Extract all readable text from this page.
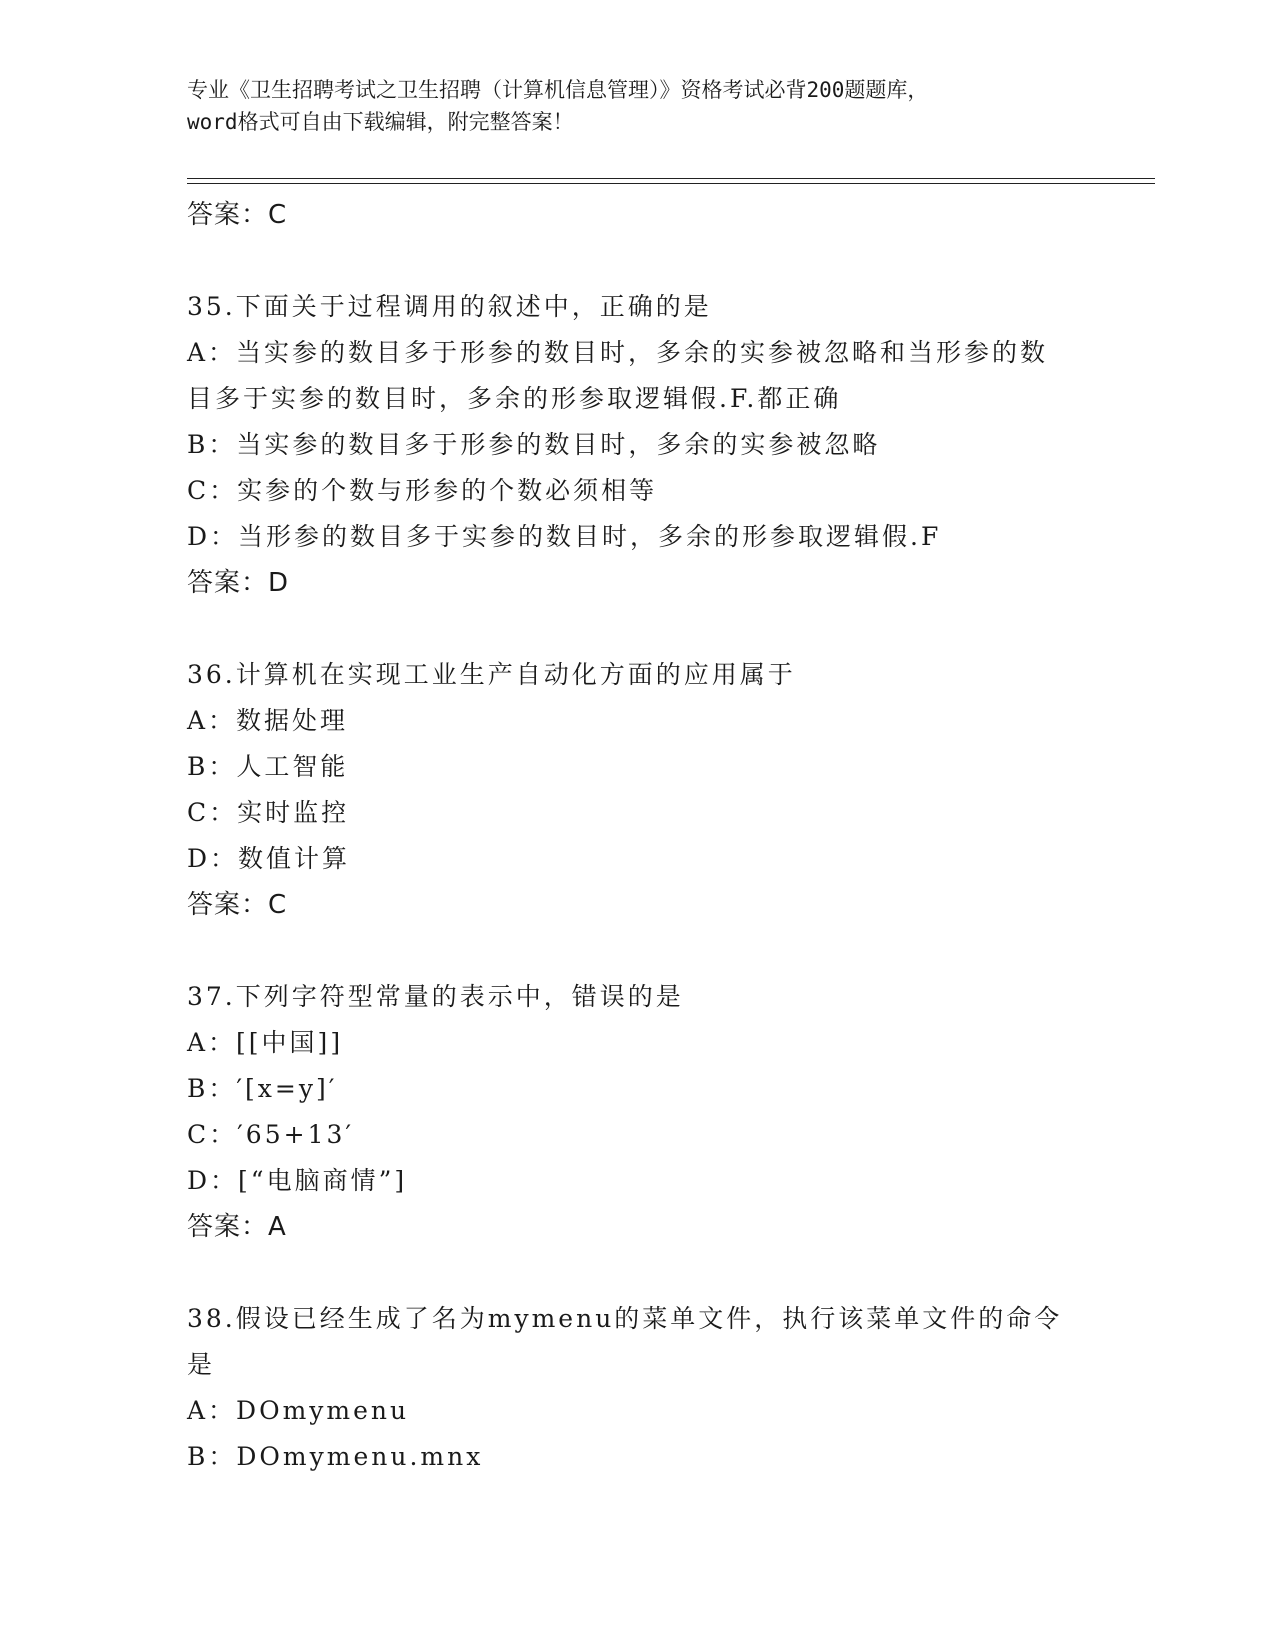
专业《卫生招聘考试之卫生招聘（计算机信息管理）》资格考试必背200题题库，
word格式可自由下载编辑，附完整答案！

答案：C

35.下面关于过程调用的叙述中，正确的是

A：当实参的数目多于形参的数目时，多余的实参被忽略和当形参的数

目多于实参的数目时，多余的形参取逻辑假.F.都正确

B：当实参的数目多于形参的数目时，多余的实参被忽略

C：实参的个数与形参的个数必须相等

D：当形参的数目多于实参的数目时，多余的形参取逻辑假.F

答案：D

36.计算机在实现工业生产自动化方面的应用属于

A：数据处理

B：人工智能

C：实时监控

D：数值计算

答案：C

37.下列字符型常量的表示中，错误的是

A：[[中国]]

B：′[x=y]′

C：′65+13′

D：[“电脑商情”]

答案：A

38.假设已经生成了名为mymenu的菜单文件，执行该菜单文件的命令

是

A：DOmymenu

B：DOmymenu.mnx
